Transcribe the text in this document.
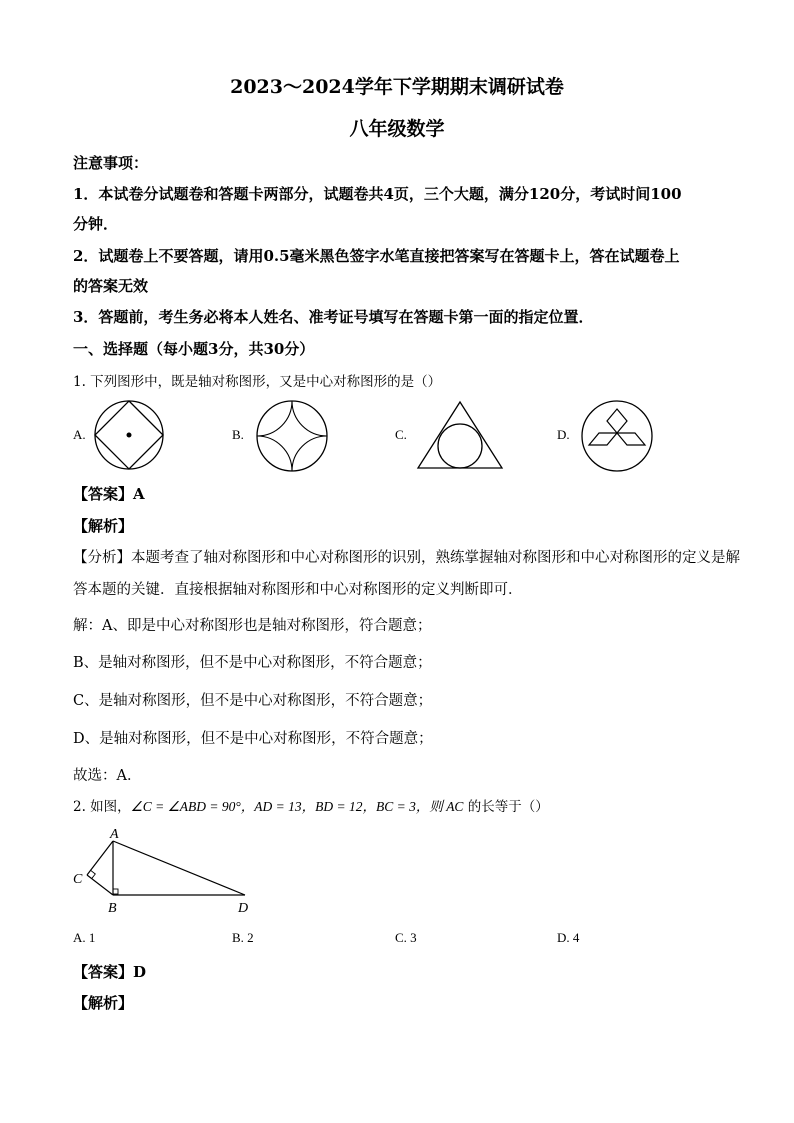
2023～2024学年下学期期末调研试卷
八年级数学
注意事项：
1．本试卷分试题卷和答题卡两部分，试题卷共4页，三个大题，满分120分，考试时间100
分钟．
2．试题卷上不要答题，请用0.5毫米黑色签字水笔直接把答案写在答题卡上，答在试题卷上
的答案无效
3．答题前，考生务必将本人姓名、准考证号填写在答题卡第一面的指定位置．
一、选择题（每小题3分，共30分）
1. 下列图形中，既是轴对称图形，又是中心对称图形的是（）
A.	B.	C.	D.
【答案】A
【解析】
【分析】本题考查了轴对称图形和中心对称图形的识别，熟练掌握轴对称图形和中心对称图形的定义是解
答本题的关键．直接根据轴对称图形和中心对称图形的定义判断即可．
解：A、即是中心对称图形也是轴对称图形，符合题意；
B、是轴对称图形，但不是中心对称图形，不符合题意；
C、是轴对称图形，但不是中心对称图形，不符合题意；
D、是轴对称图形，但不是中心对称图形，不符合题意；
故选：A．
2. 如图，∠C = ∠ABD = 90°，AD = 13，BD = 12，BC = 3，则 AC 的长等于（）
A
C
B	D
A. 1	B. 2	C. 3	D. 4
【答案】D
【解析】
